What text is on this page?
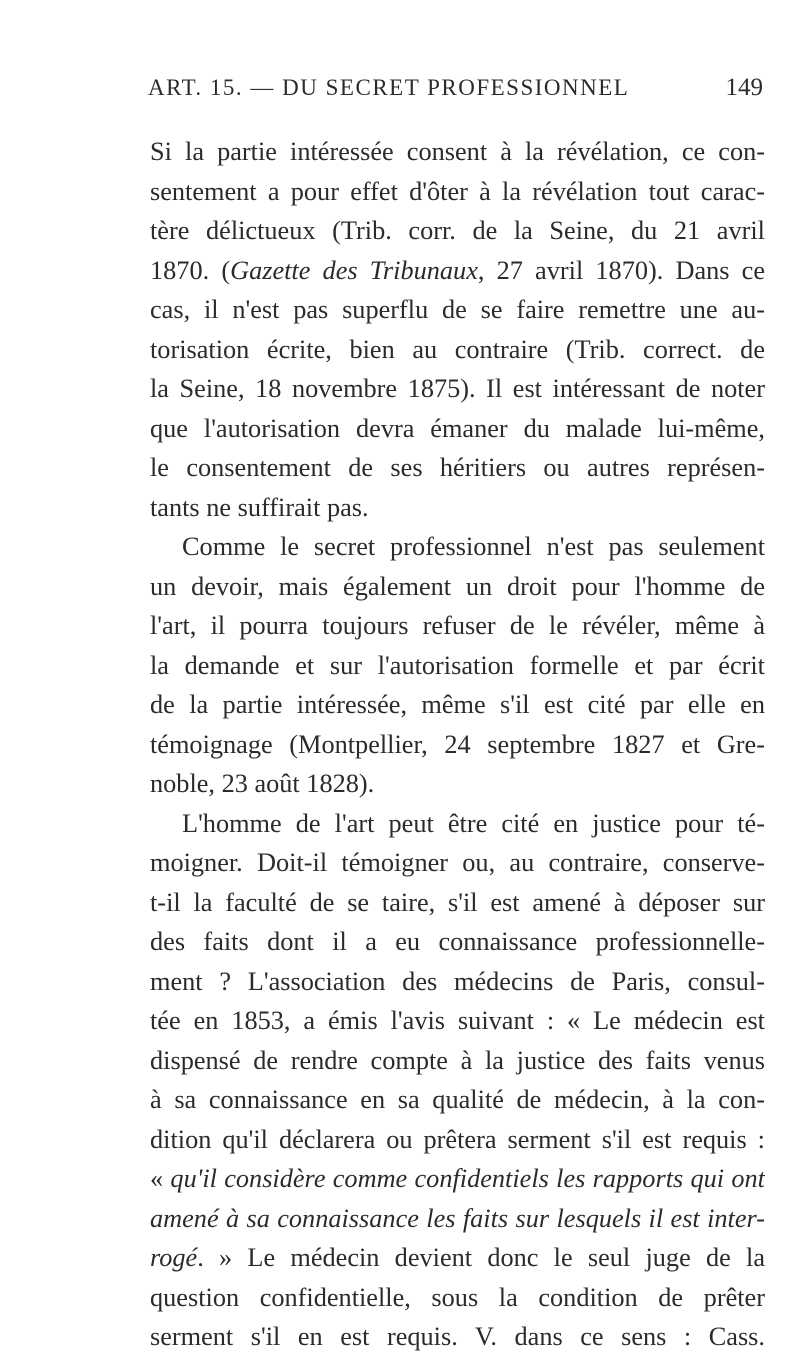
ART. 15. — DU SECRET PROFESSIONNEL	149
Si la partie intéressée consent à la révélation, ce con-
sentement a pour effet d'ôter à la révélation tout carac-
tère délictueux (Trib. corr. de la Seine, du 21 avril
1870. (Gazette des Tribunaux, 27 avril 1870). Dans ce
cas, il n'est pas superflu de se faire remettre une au-
torisation écrite, bien au contraire (Trib. correct. de
la Seine, 18 novembre 1875). Il est intéressant de noter
que l'autorisation devra émaner du malade lui-même,
le consentement de ses héritiers ou autres représen-
tants ne suffirait pas.
Comme le secret professionnel n'est pas seulement
un devoir, mais également un droit pour l'homme de
l'art, il pourra toujours refuser de le révéler, même à
la demande et sur l'autorisation formelle et par écrit
de la partie intéressée, même s'il est cité par elle en
témoignage (Montpellier, 24 septembre 1827 et Gre-
noble, 23 août 1828).
L'homme de l'art peut être cité en justice pour té-
moigner. Doit-il témoigner ou, au contraire, conserve-
t-il la faculté de se taire, s'il est amené à déposer sur
des faits dont il a eu connaissance professionnelle-
ment ? L'association des médecins de Paris, consul-
tée en 1853, a émis l'avis suivant : « Le médecin est
dispensé de rendre compte à la justice des faits venus
à sa connaissance en sa qualité de médecin, à la con-
dition qu'il déclarera ou prêtera serment s'il est requis :
« qu'il considère comme confidentiels les rapports qui ont
amené à sa connaissance les faits sur lesquels il est inter-
rogé. » Le médecin devient donc le seul juge de la
question confidentielle, sous la condition de prêter
serment s'il en est requis. V. dans ce sens : Cass.
